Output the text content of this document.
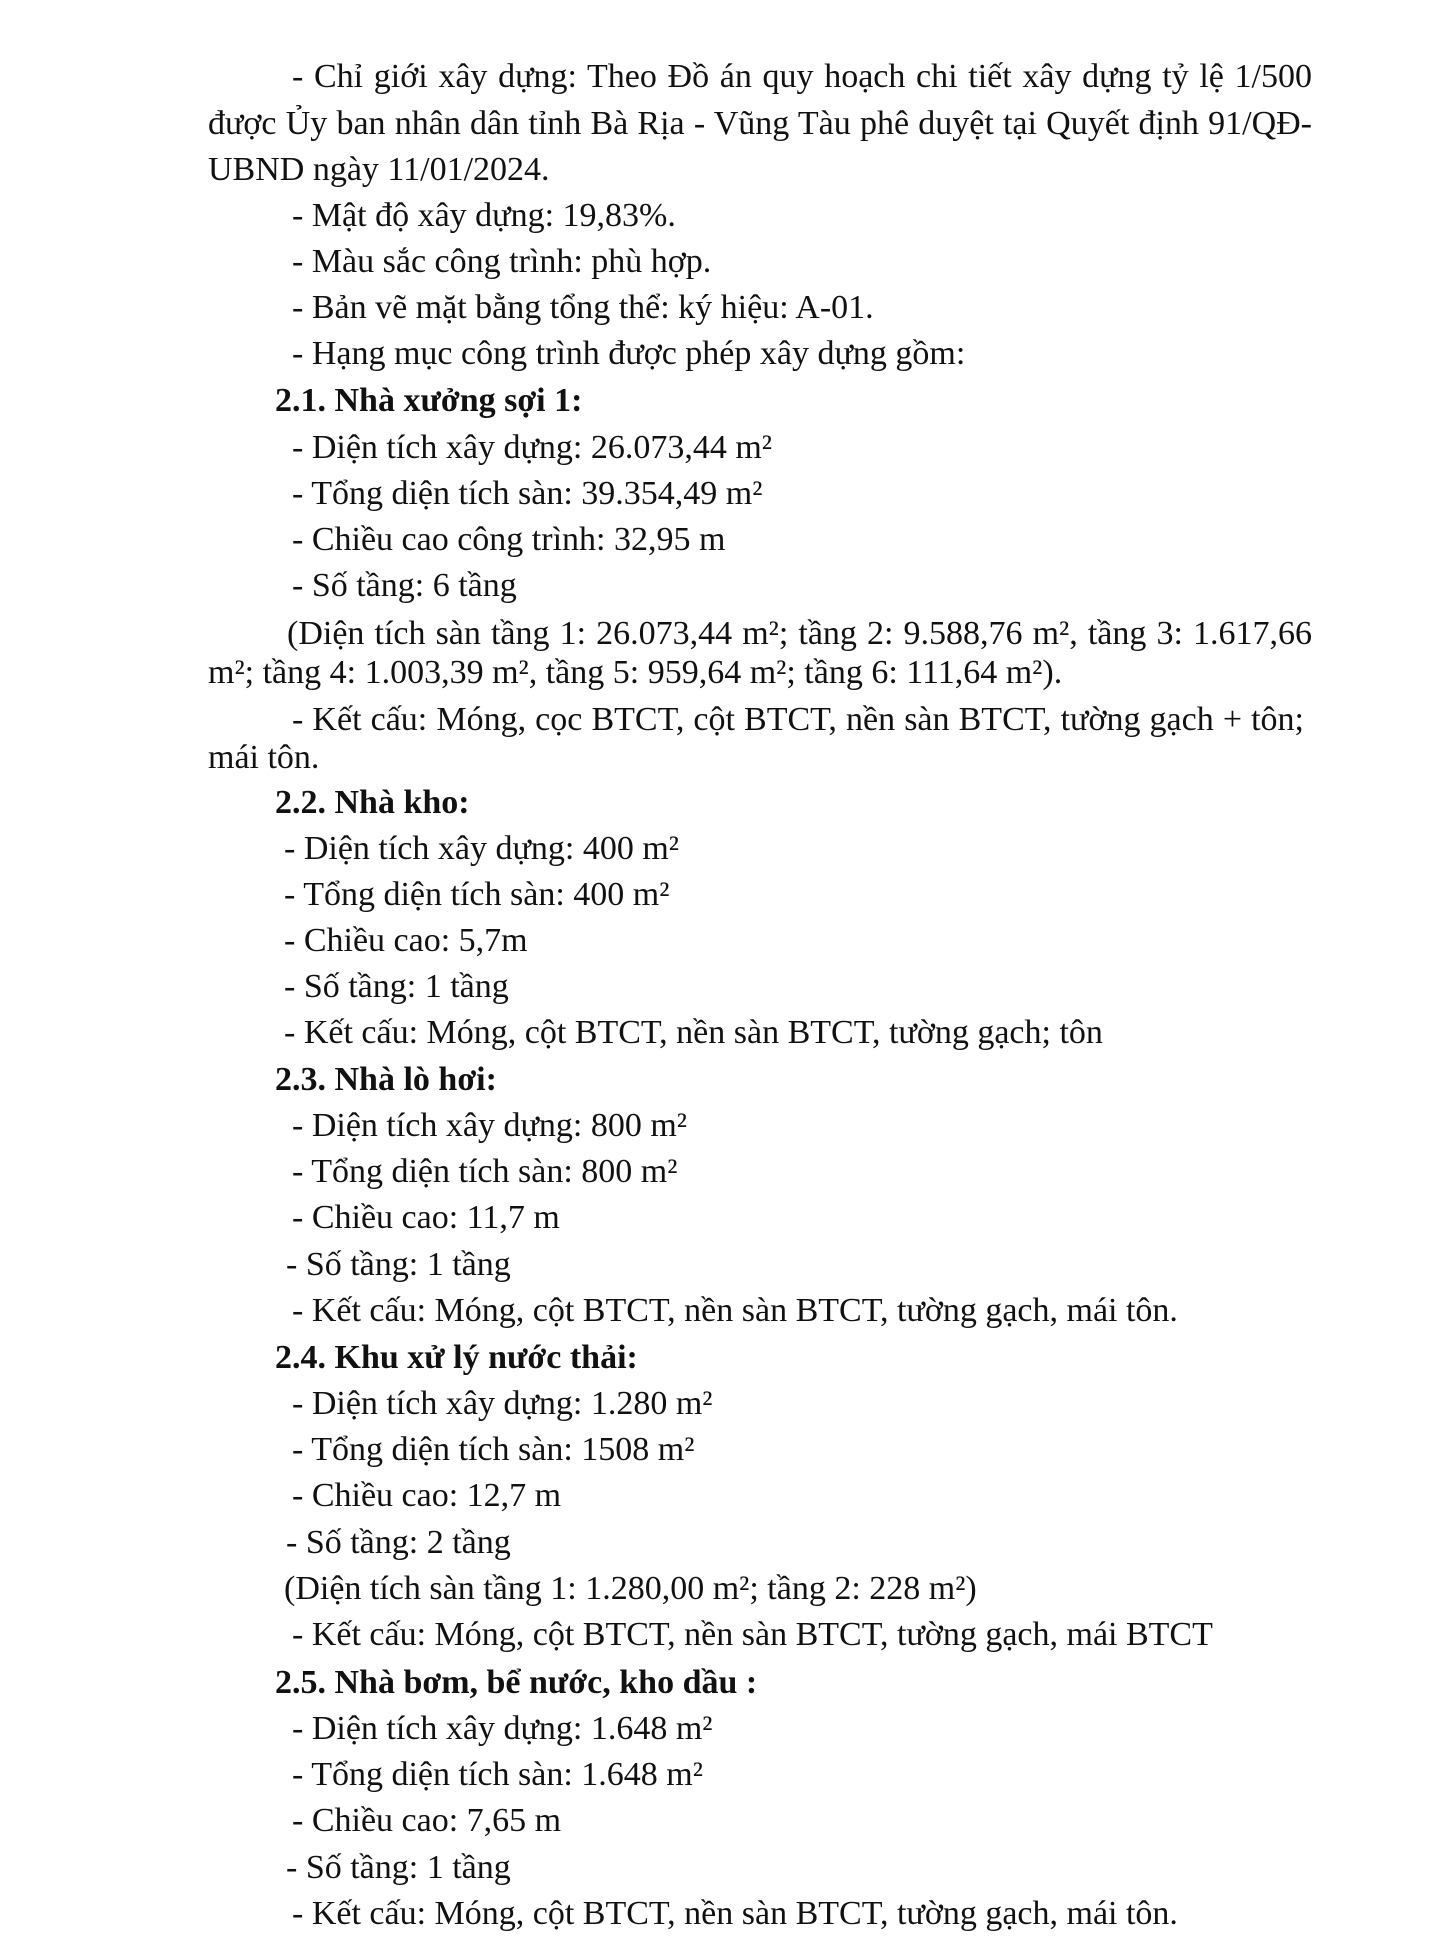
- Chỉ giới xây dựng: Theo Đồ án quy hoạch chi tiết xây dựng tỷ lệ 1/500

được Ủy ban nhân dân tỉnh Bà Rịa - Vũng Tàu phê duyệt tại Quyết định 91/QĐ-

UBND ngày 11/01/2024.

- Mật độ xây dựng: 19,83%.

- Màu sắc công trình: phù hợp.

- Bản vẽ mặt bằng tổng thể: ký hiệu: A-01.

- Hạng mục công trình được phép xây dựng gồm:

2.1. Nhà xưởng sợi 1:

- Diện tích xây dựng: 26.073,44 m²

- Tổng diện tích sàn: 39.354,49 m²

- Chiều cao công trình: 32,95 m

- Số tầng: 6 tầng

(Diện tích sàn tầng 1: 26.073,44 m²; tầng 2: 9.588,76 m², tầng 3: 1.617,66

m²; tầng 4: 1.003,39 m², tầng 5: 959,64 m²; tầng 6: 111,64 m²).

- Kết cấu: Móng, cọc BTCT, cột BTCT, nền sàn BTCT, tường gạch + tôn;

mái tôn.

2.2. Nhà kho:

- Diện tích xây dựng: 400 m²

- Tổng diện tích sàn: 400 m²

- Chiều cao: 5,7m

- Số tầng: 1 tầng

- Kết cấu: Móng, cột BTCT, nền sàn BTCT, tường gạch; tôn

2.3. Nhà lò hơi:

- Diện tích xây dựng: 800 m²

- Tổng diện tích sàn: 800 m²

- Chiều cao: 11,7 m

- Số tầng: 1 tầng

- Kết cấu: Móng, cột BTCT, nền sàn BTCT, tường gạch, mái tôn.

2.4. Khu xử lý nước thải:

- Diện tích xây dựng: 1.280 m²

- Tổng diện tích sàn: 1508 m²

- Chiều cao: 12,7 m

- Số tầng: 2 tầng

(Diện tích sàn tầng 1: 1.280,00 m²; tầng 2: 228 m²)

- Kết cấu: Móng, cột BTCT, nền sàn BTCT, tường gạch, mái BTCT

2.5. Nhà bơm, bể nước, kho dầu :

- Diện tích xây dựng: 1.648 m²

- Tổng diện tích sàn: 1.648 m²

- Chiều cao: 7,65 m

- Số tầng: 1 tầng

- Kết cấu: Móng, cột BTCT, nền sàn BTCT, tường gạch, mái tôn.
